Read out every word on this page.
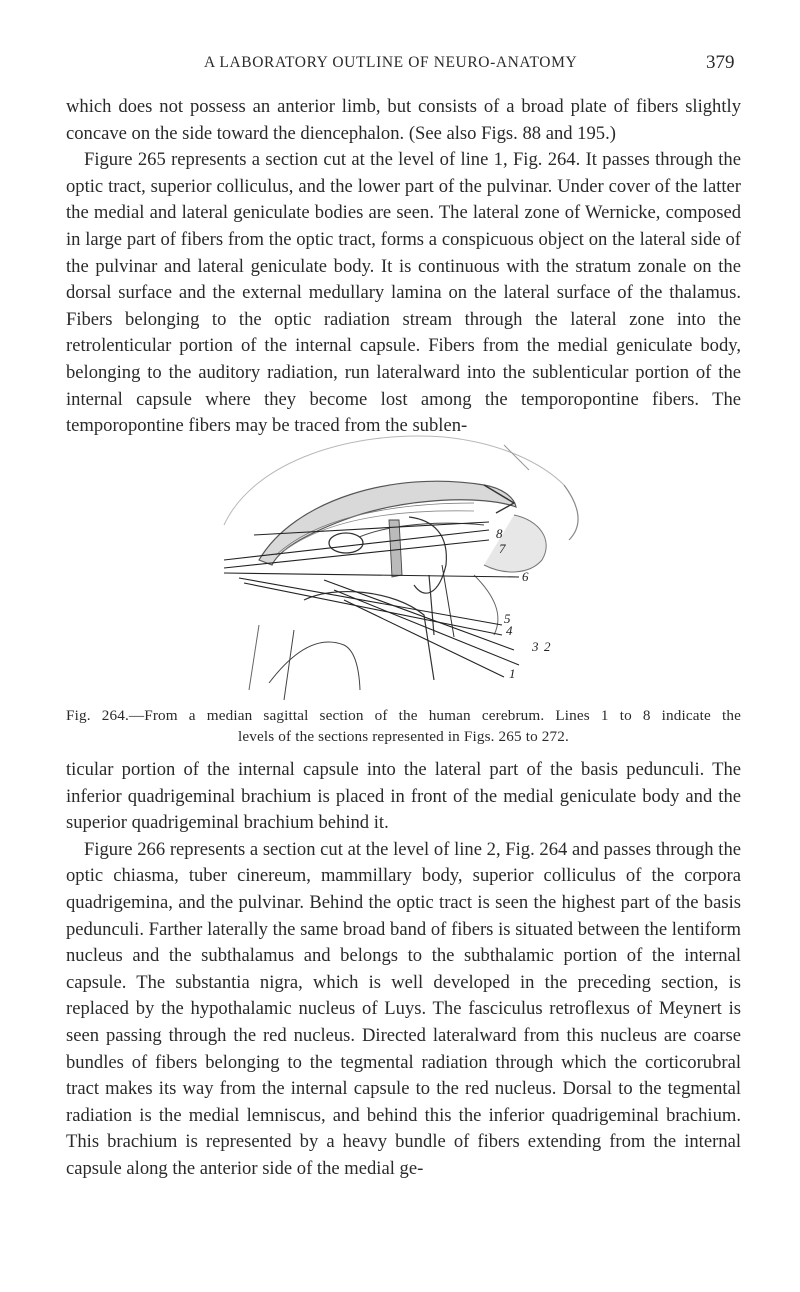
A LABORATORY OUTLINE OF NEURO-ANATOMY	379

which does not possess an anterior limb, but consists of a broad plate of fibers slightly concave on the side toward the diencephalon. (See also Figs. 88 and 195.)

Figure 265 represents a section cut at the level of line 1, Fig. 264. It passes through the optic tract, superior colliculus, and the lower part of the pulvinar. Under cover of the latter the medial and lateral geniculate bodies are seen. The lateral zone of Wernicke, composed in large part of fibers from the optic tract, forms a conspicuous object on the lateral side of the pulvinar and lateral geniculate body. It is continuous with the stratum zonale on the dorsal surface and the external medullary lamina on the lateral surface of the thalamus. Fibers belonging to the optic radiation stream through the lateral zone into the retrolenticular portion of the internal capsule. Fibers from the medial geniculate body, belonging to the auditory radiation, run lateralward into the sublenticular portion of the internal capsule where they become lost among the temporopontine fibers. The temporopontine fibers may be traced from the sublen-

8
7
6
5
4
3 2
1
Fig. 264.—From a median sagittal section of the human cerebrum. Lines 1 to 8 indicate the
levels of the sections represented in Figs. 265 to 272.

ticular portion of the internal capsule into the lateral part of the basis pedunculi. The inferior quadrigeminal brachium is placed in front of the medial geniculate body and the superior quadrigeminal brachium behind it.

Figure 266 represents a section cut at the level of line 2, Fig. 264 and passes through the optic chiasma, tuber cinereum, mammillary body, superior colliculus of the corpora quadrigemina, and the pulvinar. Behind the optic tract is seen the highest part of the basis pedunculi. Farther laterally the same broad band of fibers is situated between the lentiform nucleus and the subthalamus and belongs to the subthalamic portion of the internal capsule. The substantia nigra, which is well developed in the preceding section, is replaced by the hypothalamic nucleus of Luys. The fasciculus retroflexus of Meynert is seen passing through the red nucleus. Directed lateralward from this nucleus are coarse bundles of fibers belonging to the tegmental radiation through which the corticorubral tract makes its way from the internal capsule to the red nucleus. Dorsal to the tegmental radiation is the medial lemniscus, and behind this the inferior quadrigeminal brachium. This brachium is represented by a heavy bundle of fibers extending from the internal capsule along the anterior side of the medial ge-
